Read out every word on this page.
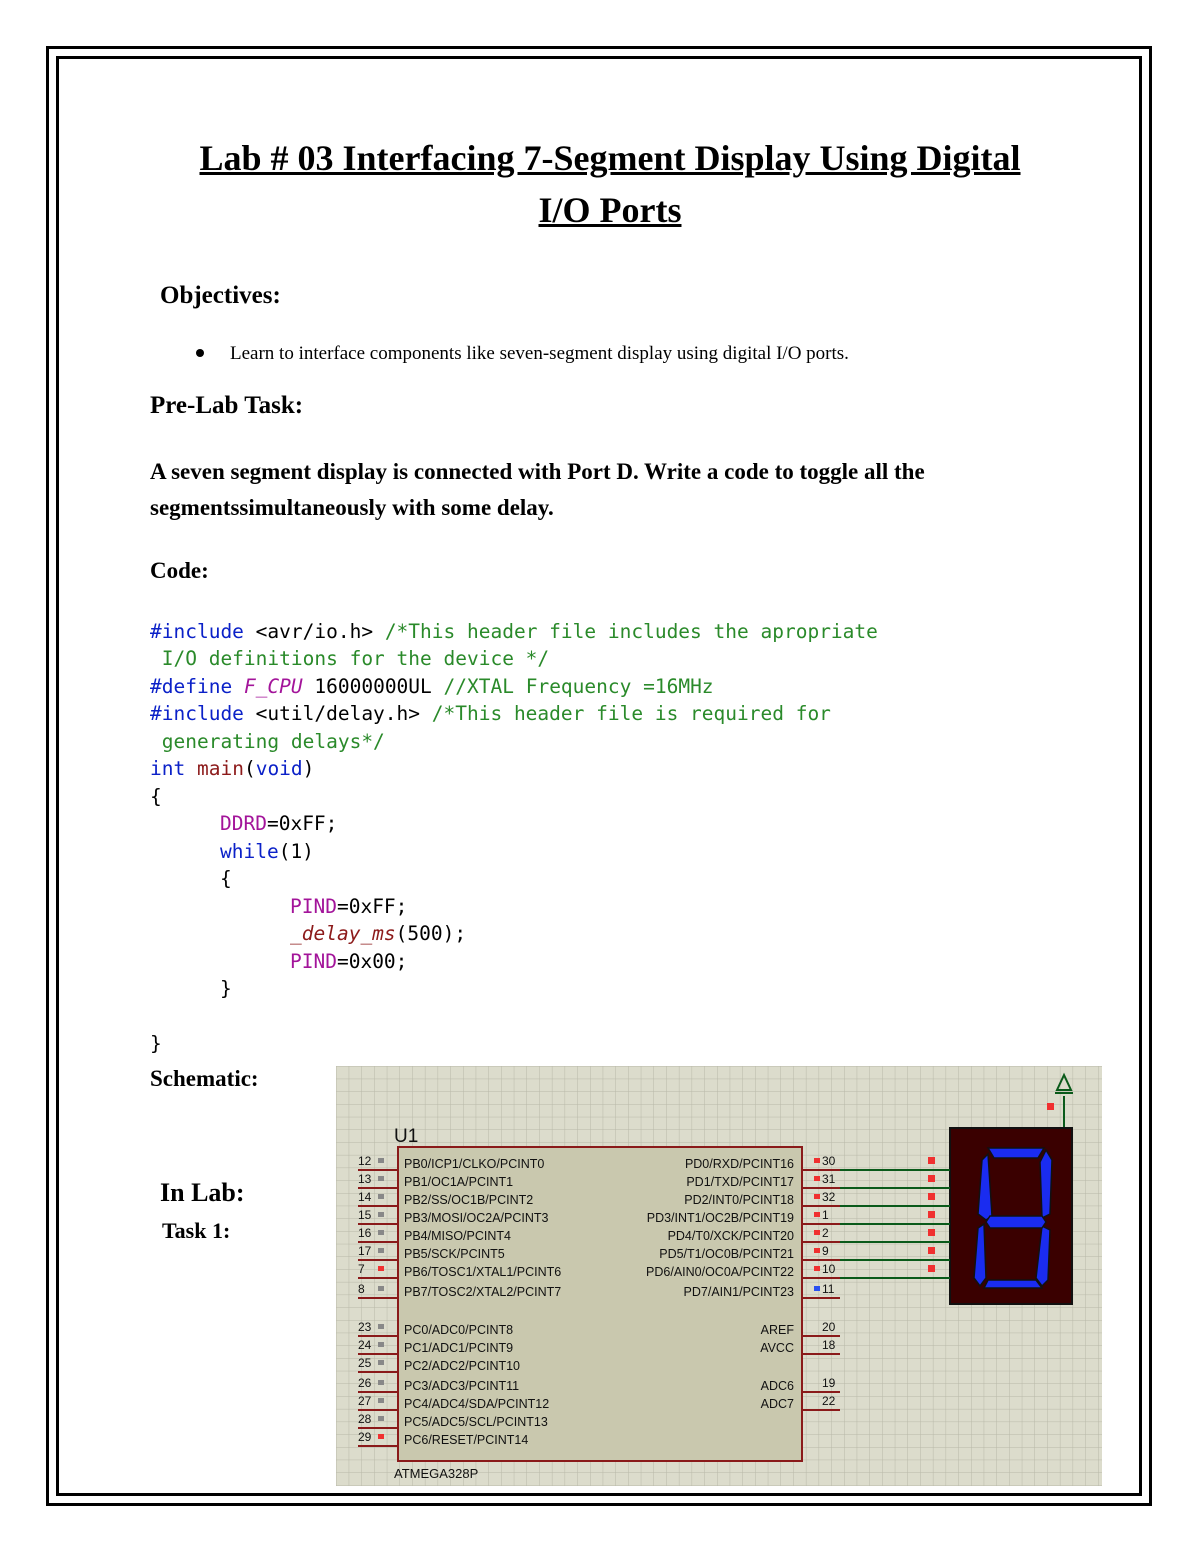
Lab # 03 Interfacing 7-Segment Display Using Digital
I/O Ports
Objectives:
Learn to interface components like seven-segment display using digital I/O ports.
Pre-Lab Task:
A seven segment display is connected with Port D. Write a code to toggle all the
segmentssimultaneously with some delay.
Code:

#include <avr/io.h> /*This header file includes the apropriate
I/O definitions for the device */
#define F_CPU 16000000UL //XTAL Frequency =16MHz
#include <util/delay.h> /*This header file is required for
generating delays*/
int main(void)
{
DDRD=0xFF;
while(1)
{
PIND=0xFF;
_delay_ms(500);
PIND=0x00;
}
}

Schematic:
In Lab:
Task 1:
U1
ATMEGA328P
12	PB0/ICP1/CLKO/PCINT0
13	PB1/OC1A/PCINT1
14	PB2/SS/OC1B/PCINT2
15	PB3/MOSI/OC2A/PCINT3
16	PB4/MISO/PCINT4
17	PB5/SCK/PCINT5
7	PB6/TOSC1/XTAL1/PCINT6
8	PB7/TOSC2/XTAL2/PCINT7
23	PC0/ADC0/PCINT8
24	PC1/ADC1/PCINT9
25	PC2/ADC2/PCINT10
26	PC3/ADC3/PCINT11
27	PC4/ADC4/SDA/PCINT12
28	PC5/ADC5/SCL/PCINT13
29	PC6/RESET/PCINT14
30
PD0/RXD/PCINT16
31
PD1/TXD/PCINT17
32
PD2/INT0/PCINT18
1
PD3/INT1/OC2B/PCINT19
2
PD4/T0/XCK/PCINT20
9
PD5/T1/OC0B/PCINT21
10
PD6/AIN0/OC0A/PCINT22
11
PD7/AIN1/PCINT23
20
AREF
18
AVCC
19
ADC6
22
ADC7
